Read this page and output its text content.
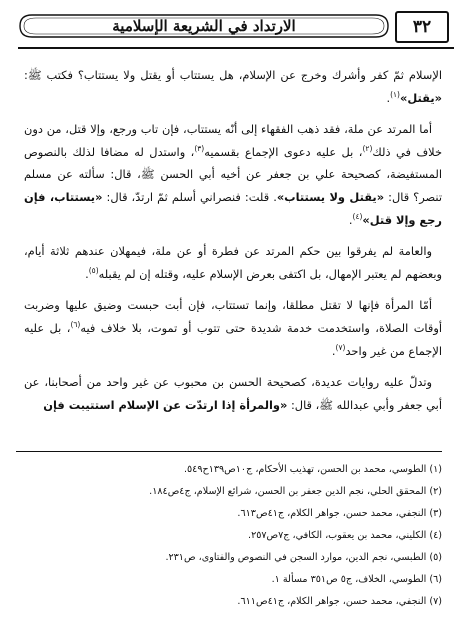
الارتداد في الشريعة الإسلامية	٣٢

الإسلام ثمّ كفر وأشرك وخرج عن الإسلام، هل يستتاب أو يقتل ولا يستتاب؟ فكتب ﷺ: «يقتل»$^{(١)}$.

أما المرتد عن ملة، فقد ذهب الفقهاء إلى أنّه يستتاب، فإن تاب ورجع، وإلا قتل، من دون خلاف في ذلك$^{(٢)}$، بل عليه دعوى الإجماع بقسميه$^{(٣)}$، واستدل له مضافا لذلك بالنصوص المستفيضة، كصحيحة علي بن جعفر عن أخيه أبي الحسن ﷺ، قال: سألته عن مسلم تنصر؟ قال: «يقتل ولا يستتاب». قلت: فنصراني أسلم ثمّ ارتدّ، قال: «يستتاب، فإن رجع وإلا قتل»$^{(٤)}$.

والعامة لم يفرقوا بين حكم المرتد عن فطرة أو عن ملة، فيمهلان عندهم ثلاثة أيام، وبعضهم لم يعتبر الإمهال، بل اكتفى بعرض الإسلام عليه، وقتله إن لم يقبله$^{(٥)}$.

أمّا المرأة فإنها لا تقتل مطلقا، وإنما تستتاب، فإن أبت حبست وضيق عليها وضربت أوقات الصلاة، واستخدمت خدمة شديدة حتى تتوب أو تموت، بلا خلاف فيه$^{(٦)}$، بل عليه الإجماع من غير واحد$^{(٧)}$.

وتدلّ عليه روايات عديدة، كصحيحة الحسن بن محبوب عن غير واحد من أصحابنا، عن أبي جعفر وأبي عبدالله ﷺ، قال: «والمرأة إذا ارتدّت عن الإسلام استتيبت فإن

(١) الطوسي، محمد بن الحسن، تهذيب الأحكام، ج١٠ص١٣٩ح٥٤٩.
(٢) المحقق الحلي، نجم الدين جعفر بن الحسن، شرائع الإسلام، ج٤ص١٨٤.
(٣) النجفي، محمد حسن، جواهر الكلام، ج٤١ص٦١٣.
(٤) الكليني، محمد بن يعقوب، الكافي، ج٧ص٢٥٧.
(٥) الطبسي، نجم الدين، موارد السجن في النصوص والفتاوى، ص٢٣١.
(٦) الطوسي، الخلاف، ج٥ ص٣٥١ مسألة ١.
(٧) النجفي، محمد حسن، جواهر الكلام، ج٤١ص٦١١.
